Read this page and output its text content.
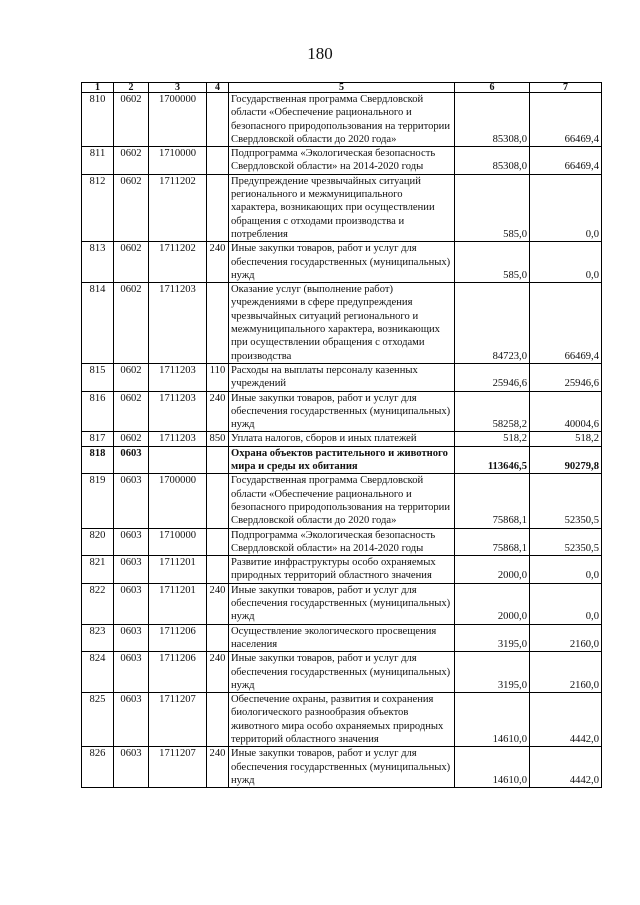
180
1	2	3	4	5	6	7
810	0602	1700000		Государственная программа Свердловской области «Обеспечение рационального и безопасного природопользования на территории Свердловской области до 2020 года»	85308,0	66469,4
811	0602	1710000		Подпрограмма «Экологическая безопасность Свердловской области» на 2014-2020 годы	85308,0	66469,4
812	0602	1711202		Предупреждение чрезвычайных ситуаций регионального и межмуниципального характера, возникающих при осуществлении обращения с отходами производства и потребления	585,0	0,0
813	0602	1711202	240	Иные закупки товаров, работ и услуг для обеспечения государственных (муниципальных) нужд	585,0	0,0
814	0602	1711203		Оказание услуг (выполнение работ) учреждениями в сфере предупреждения чрезвычайных ситуаций регионального и межмуниципального характера, возникающих при осуществлении обращения с отходами производства	84723,0	66469,4
815	0602	1711203	110	Расходы на выплаты персоналу казенных учреждений	25946,6	25946,6
816	0602	1711203	240	Иные закупки товаров, работ и услуг для обеспечения государственных (муниципальных) нужд	58258,2	40004,6
817	0602	1711203	850	Уплата налогов, сборов и иных платежей	518,2	518,2
818	0603			Охрана объектов растительного и животного мира и среды их обитания	113646,5	90279,8
819	0603	1700000		Государственная программа Свердловской области «Обеспечение рационального и безопасного природопользования на территории Свердловской области до 2020 года»	75868,1	52350,5
820	0603	1710000		Подпрограмма «Экологическая безопасность Свердловской области» на 2014-2020 годы	75868,1	52350,5
821	0603	1711201		Развитие инфраструктуры особо охраняемых природных территорий областного значения	2000,0	0,0
822	0603	1711201	240	Иные закупки товаров, работ и услуг для обеспечения государственных (муниципальных) нужд	2000,0	0,0
823	0603	1711206		Осуществление экологического просвещения населения	3195,0	2160,0
824	0603	1711206	240	Иные закупки товаров, работ и услуг для обеспечения государственных (муниципальных) нужд	3195,0	2160,0
825	0603	1711207		Обеспечение охраны, развития и сохранения биологического разнообразия объектов животного мира особо охраняемых природных территорий областного значения	14610,0	4442,0
826	0603	1711207	240	Иные закупки товаров, работ и услуг для обеспечения государственных (муниципальных) нужд	14610,0	4442,0
